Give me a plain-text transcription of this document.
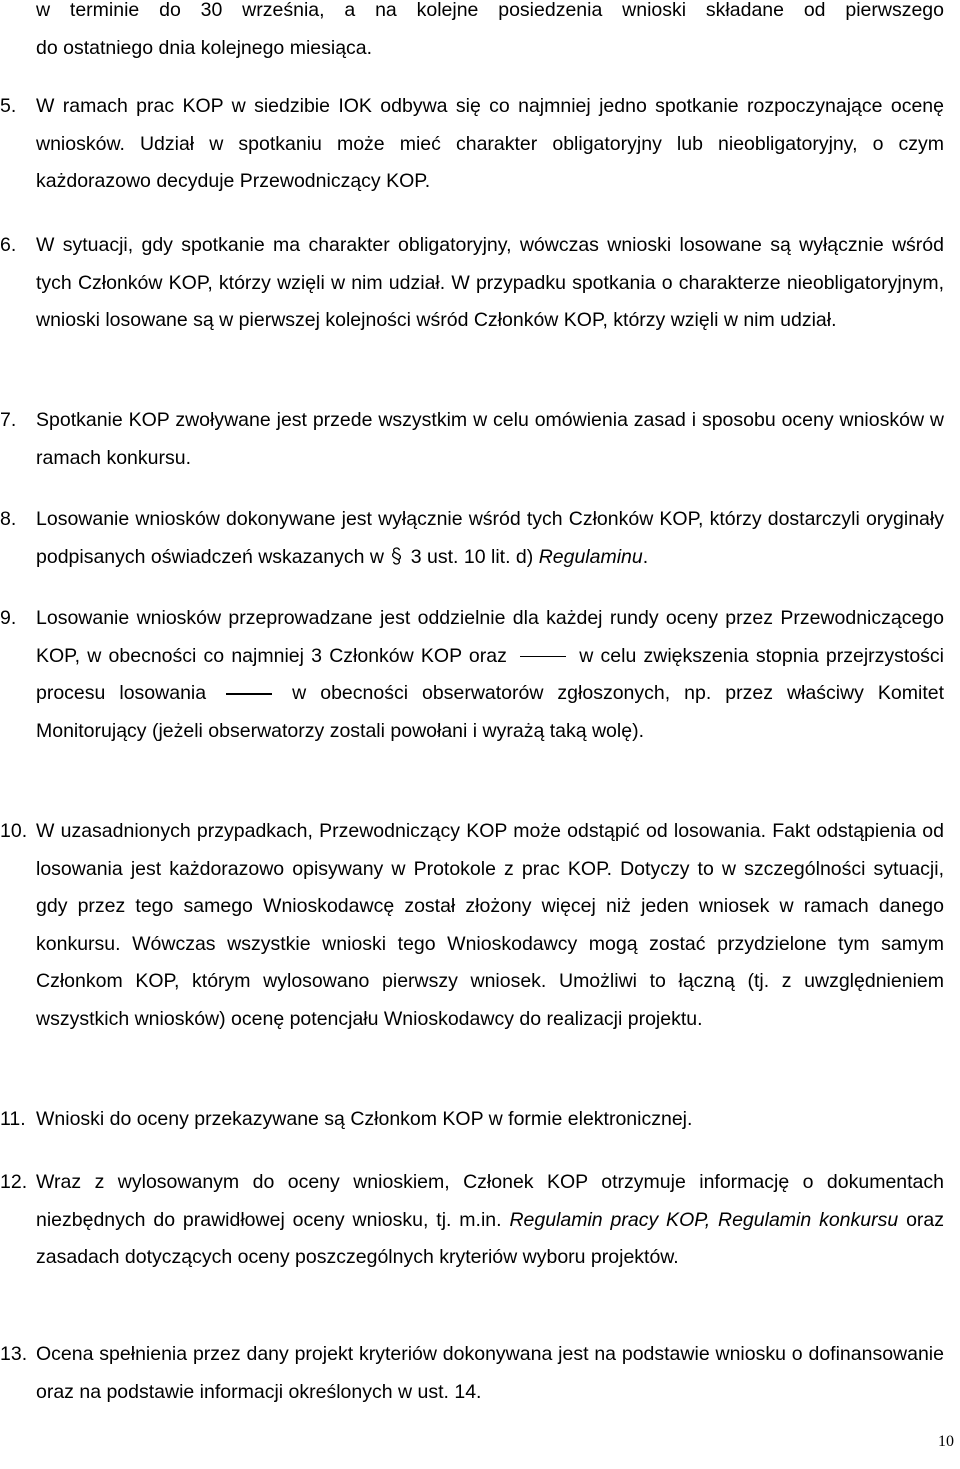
w terminie do 30 września, a na kolejne posiedzenia wnioski składane od pierwszego
do ostatniego dnia kolejnego miesiąca.
5.	W ramach prac KOP w siedzibie IOK odbywa się co najmniej jedno spotkanie rozpoczynające ocenę wniosków. Udział w spotkaniu może mieć charakter obligatoryjny lub nieobligatoryjny, o czym każdorazowo decyduje Przewodniczący KOP.
6.	W sytuacji, gdy spotkanie ma charakter obligatoryjny, wówczas wnioski losowane są wyłącznie wśród tych Członków KOP, którzy wzięli w nim udział. W przypadku spotkania o charakterze nieobligatoryjnym, wnioski losowane są w pierwszej kolejności wśród Członków KOP, którzy wzięli w nim udział.
7.	Spotkanie KOP zwoływane jest przede wszystkim w celu omówienia zasad i sposobu oceny wniosków w ramach konkursu.
8.	Losowanie wniosków dokonywane jest wyłącznie wśród tych Członków KOP, którzy dostarczyli oryginały podpisanych oświadczeń wskazanych w 3 ust. 10 lit. d) Regulaminu.
9.	Losowanie wniosków przeprowadzane jest oddzielnie dla każdej rundy oceny przez Przewodniczącego KOP, w obecności co najmniej 3 Członków KOP oraz	w celu zwiększenia stopnia przejrzystości procesu losowania	w obecności obserwatorów zgłoszonych, np. przez właściwy Komitet Monitorujący (jeżeli obserwatorzy zostali powołani i wyrażą taką wolę).
10. W uzasadnionych przypadkach, Przewodniczący KOP może odstąpić od losowania. Fakt odstąpienia od losowania jest każdorazowo opisywany w Protokole z prac KOP. Dotyczy to w szczególności sytuacji, gdy przez tego samego Wnioskodawcę został złożony więcej niż jeden wniosek w ramach danego konkursu. Wówczas wszystkie wnioski tego Wnioskodawcy mogą zostać przydzielone tym samym Członkom KOP, którym wylosowano pierwszy wniosek. Umożliwi to łączną (tj. z uwzględnieniem wszystkich wniosków) ocenę potencjału Wnioskodawcy do realizacji projektu.
11. Wnioski do oceny przekazywane są Członkom KOP w formie elektronicznej.
12. Wraz z wylosowanym do oceny wnioskiem, Członek KOP otrzymuje informację o dokumentach niezbędnych do prawidłowej oceny wniosku, tj. m.in. Regulamin pracy KOP, Regulamin konkursu oraz zasadach dotyczących oceny poszczególnych kryteriów wyboru projektów.
13. Ocena spełnienia przez dany projekt kryteriów dokonywana jest na podstawie wniosku o dofinansowanie oraz na podstawie informacji określonych w ust. 14.
10
